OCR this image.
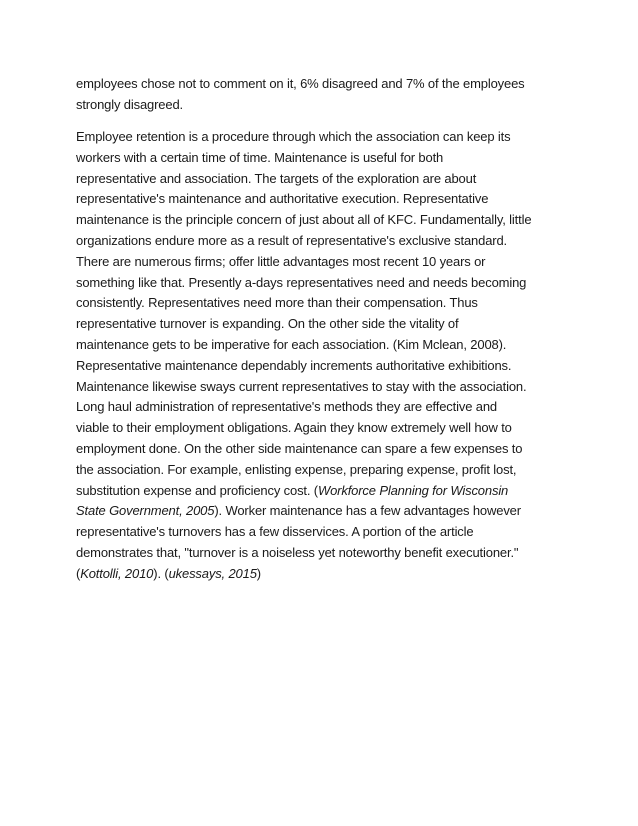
employees chose not to comment on it, 6% disagreed and 7% of the employees
strongly disagreed.
Employee retention is a procedure through which the association can keep its
workers with a certain time of time. Maintenance is useful for both
representative and association. The targets of the exploration are about
representative's maintenance and authoritative execution. Representative
maintenance is the principle concern of just about all of KFC. Fundamentally, little
organizations endure more as a result of representative's exclusive standard.
There are numerous firms; offer little advantages most recent 10 years or
something like that. Presently a-days representatives need and needs becoming
consistently. Representatives need more than their compensation. Thus
representative turnover is expanding. On the other side the vitality of
maintenance gets to be imperative for each association. (Kim Mclean, 2008).
Representative maintenance dependably increments authoritative exhibitions.
Maintenance likewise sways current representatives to stay with the association.
Long haul administration of representative's methods they are effective and
viable to their employment obligations. Again they know extremely well how to
employment done. On the other side maintenance can spare a few expenses to
the association. For example, enlisting expense, preparing expense, profit lost,
substitution expense and proficiency cost. (Workforce Planning for Wisconsin
State Government, 2005). Worker maintenance has a few advantages however
representative's turnovers has a few disservices. A portion of the article
demonstrates that, "turnover is a noiseless yet noteworthy benefit executioner."
(Kottolli, 2010). (ukessays, 2015)
